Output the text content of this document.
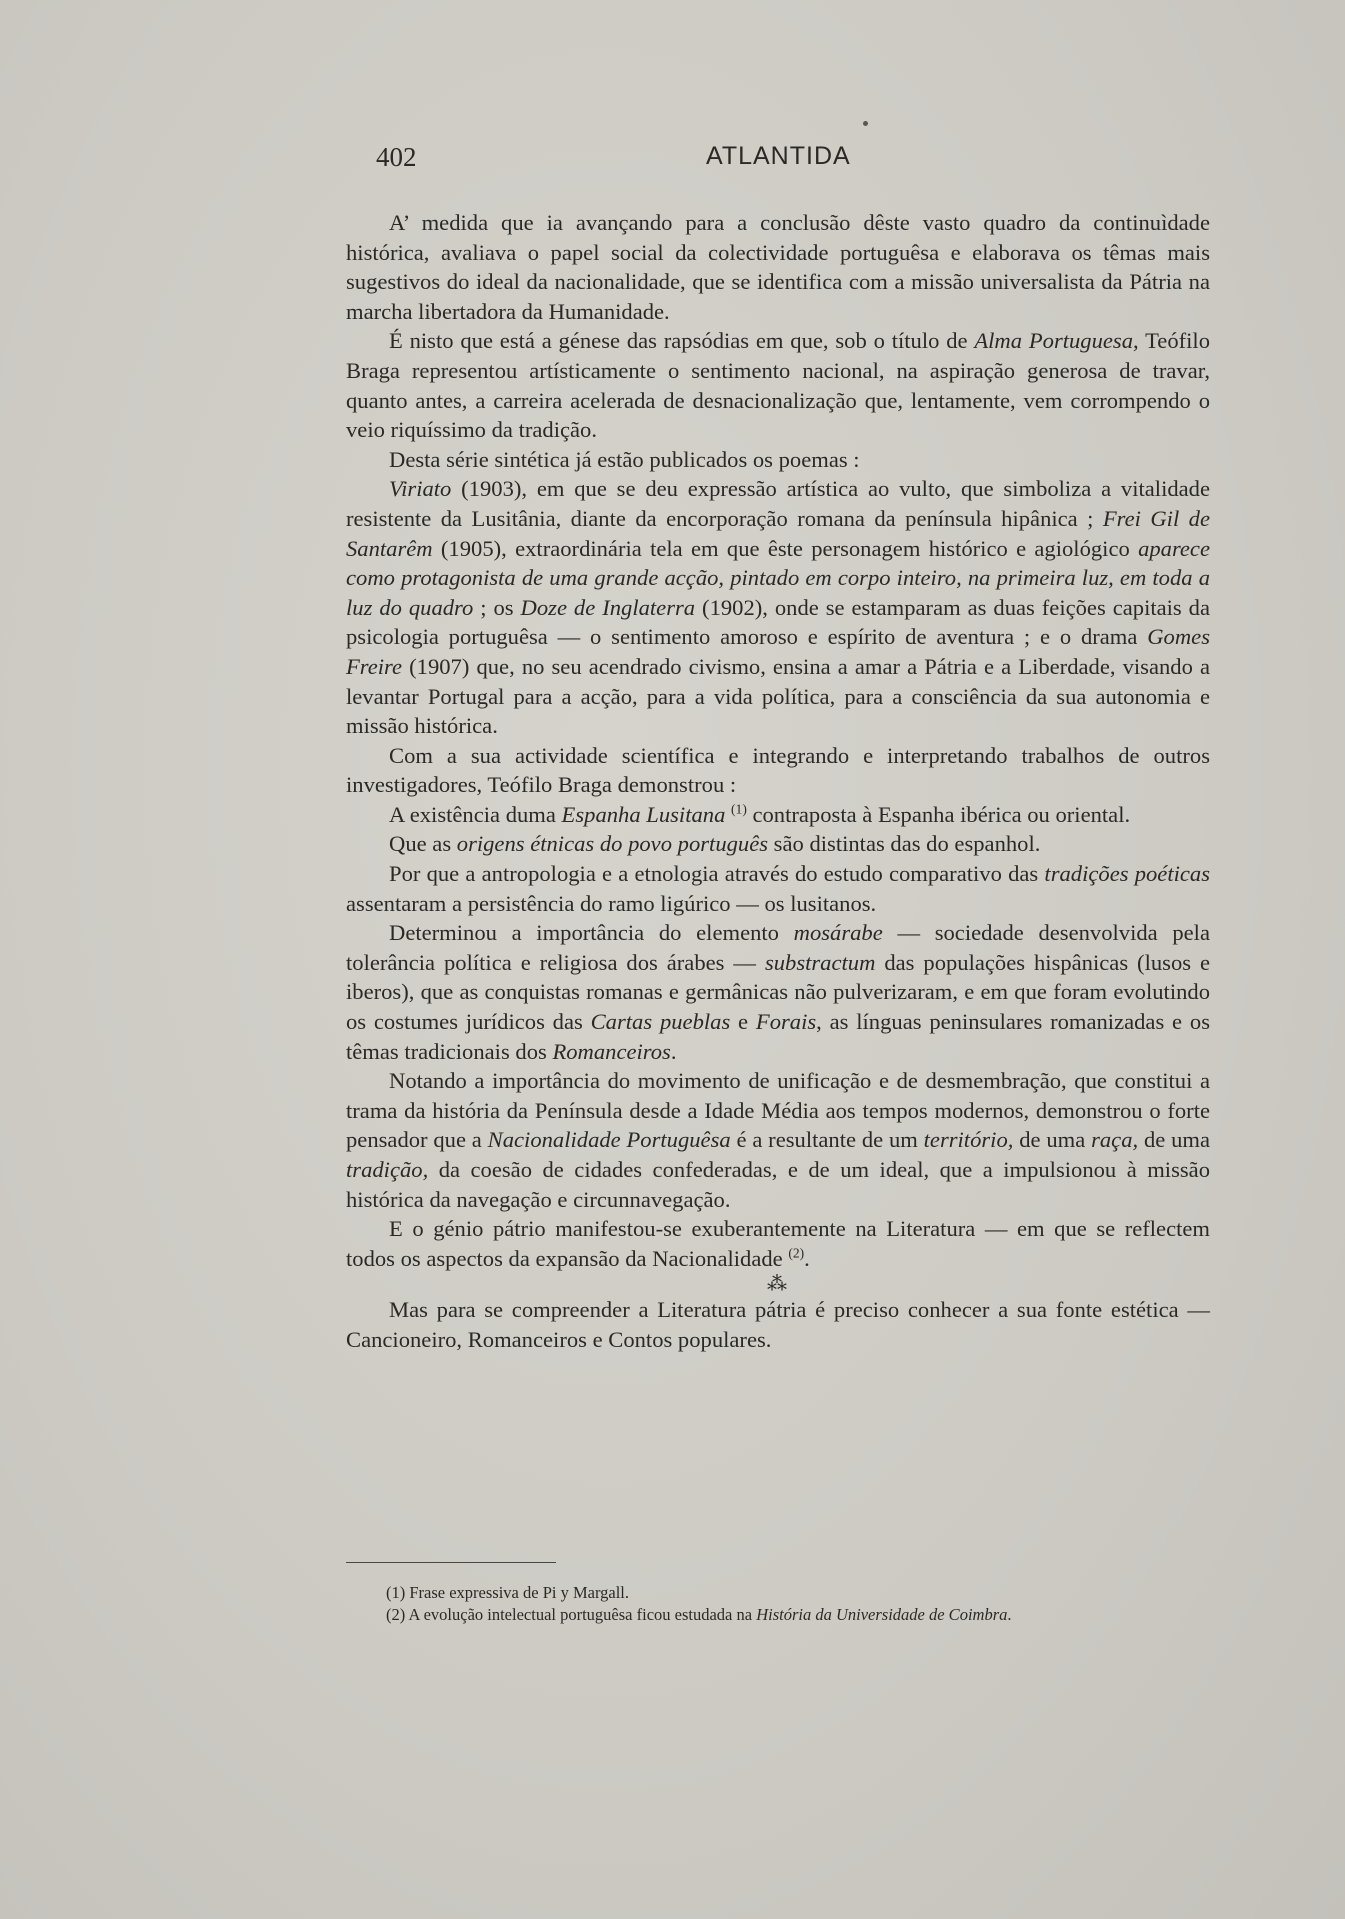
402	ATLANTIDA

A’ medida que ia avançando para a conclusão dêste vasto quadro da continuìdade histórica, avaliava o papel social da colectividade portuguêsa e elaborava os têmas mais sugestivos do ideal da nacionalidade, que se identifica com a missão universalista da Pátria na marcha libertadora da Humanidade.

É nisto que está a génese das rapsódias em que, sob o título de Alma Portuguesa, Teófilo Braga representou artísticamente o sentimento nacional, na aspiração generosa de travar, quanto antes, a carreira acelerada de desnacionalização que, lentamente, vem corrompendo o veio riquíssimo da tradição.

Desta série sintética já estão publicados os poemas :

Viriato (1903), em que se deu expressão artística ao vulto, que simboliza a vitalidade resistente da Lusitânia, diante da encorporação romana da península hipânica ; Frei Gil de Santarêm (1905), extraordinária tela em que êste personagem histórico e agiológico aparece como protagonista de uma grande acção, pintado em corpo inteiro, na primeira luz, em toda a luz do quadro ; os Doze de Inglaterra (1902), onde se estamparam as duas feições capitais da psicologia portuguêsa — o sentimento amoroso e espírito de aventura ; e o drama Gomes Freire (1907) que, no seu acendrado civismo, ensina a amar a Pátria e a Liberdade, visando a levantar Portugal para a acção, para a vida política, para a consciência da sua autonomia e missão histórica.

Com a sua actividade scientífica e integrando e interpretando trabalhos de outros investigadores, Teófilo Braga demonstrou :

A existência duma Espanha Lusitana $^{(1)}$ contraposta à Espanha ibérica ou oriental.

Que as origens étnicas do povo português são distintas das do espanhol.

Por que a antropologia e a etnologia através do estudo comparativo das tradições poéticas assentaram a persistência do ramo ligúrico — os lusitanos.

Determinou a importância do elemento mosárabe — sociedade desenvolvida pela tolerância política e religiosa dos árabes — substractum das populações hispânicas (lusos e iberos), que as conquistas romanas e germânicas não pulverizaram, e em que foram evolutindo os costumes jurídicos das Cartas pueblas e Forais, as línguas peninsulares romanizadas e os têmas tradicionais dos Romanceiros.

Notando a importância do movimento de unificação e de desmembração, que constitui a trama da história da Península desde a Idade Média aos tempos modernos, demonstrou o forte pensador que a Nacionalidade Portuguêsa é a resultante de um território, de uma raça, de uma tradição, da coesão de cidades confederadas, e de um ideal, que a impulsionou à missão histórica da navegação e circunnavegação.

E o génio pátrio manifestou-se exuberantemente na Literatura — em que se reflectem todos os aspectos da expansão da Nacionalidade $^{(2)}$.

⁂

Mas para se compreender a Literatura pátria é preciso conhecer a sua fonte estética — Cancioneiro, Romanceiros e Contos populares.

(1) Frase expressiva de Pi y Margall.

(2) A evolução intelectual portuguêsa ficou estudada na História da Universidade de Coimbra.
